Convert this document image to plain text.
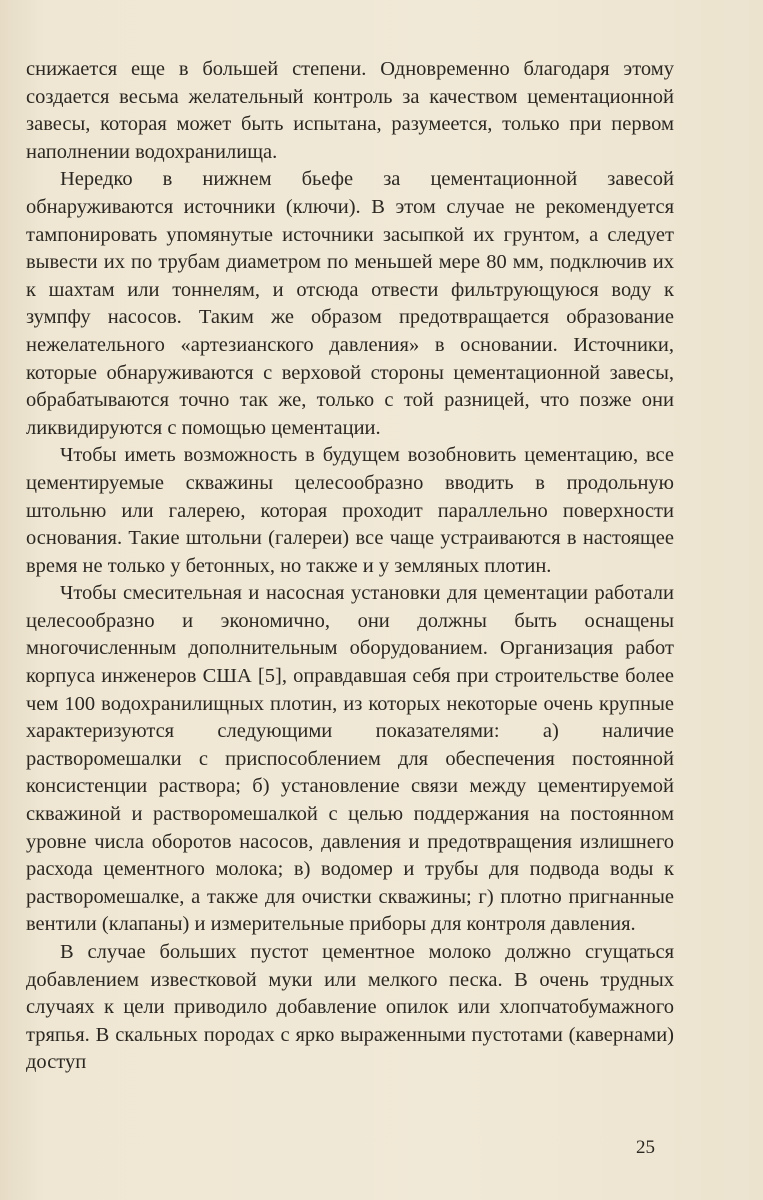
снижается еще в большей степени. Одновременно благодаря этому создается весьма желательный контроль за качеством цементационной завесы, которая может быть испытана, разумеется, только при первом наполнении водохранилища.

Нередко в нижнем бьефе за цементационной завесой обнаруживаются источники (ключи). В этом случае не рекомендуется тампонировать упомянутые источники засыпкой их грунтом, а следует вывести их по трубам диаметром по меньшей мере 80 мм, подключив их к шахтам или тоннелям, и отсюда отвести фильтрующуюся воду к зумпфу насосов. Таким же образом предотвращается образование нежелательного «артезианского давления» в основании. Источники, которые обнаруживаются с верховой стороны цементационной завесы, обрабатываются точно так же, только с той разницей, что позже они ликвидируются с помощью цементации.

Чтобы иметь возможность в будущем возобновить цементацию, все цементируемые скважины целесообразно вводить в продольную штольню или галерею, которая проходит параллельно поверхности основания. Такие штольни (галереи) все чаще устраиваются в настоящее время не только у бетонных, но также и у земляных плотин.

Чтобы смесительная и насосная установки для цементации работали целесообразно и экономично, они должны быть оснащены многочисленным дополнительным оборудованием. Организация работ корпуса инженеров США [5], оправдавшая себя при строительстве более чем 100 водохранилищных плотин, из которых некоторые очень крупные характеризуются следующими показателями: а) наличие растворомешалки с приспособлением для обеспечения постоянной консистенции раствора; б) установление связи между цементируемой скважиной и растворомешалкой с целью поддержания на постоянном уровне числа оборотов насосов, давления и предотвращения излишнего расхода цементного молока; в) водомер и трубы для подвода воды к растворомешалке, а также для очистки скважины; г) плотно пригнанные вентили (клапаны) и измерительные приборы для контроля давления.

В случае больших пустот цементное молоко должно сгущаться добавлением известковой муки или мелкого песка. В очень трудных случаях к цели приводило добавление опилок или хлопчатобумажного тряпья. В скальных породах с ярко выраженными пустотами (кавернами) доступ

25
